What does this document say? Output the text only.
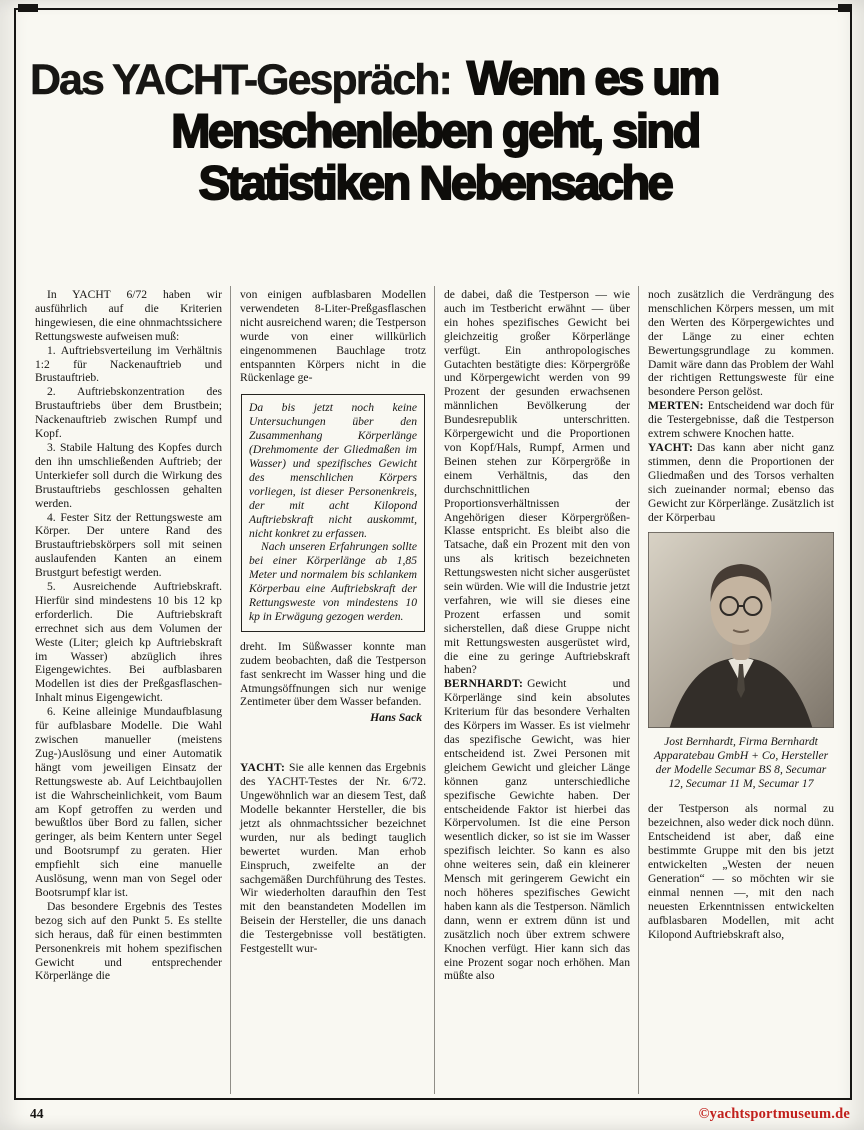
Das YACHT-Gespräch: Wenn es um
Menschenleben geht, sind
Statistiken Nebensache

In YACHT 6/72 haben wir ausführlich auf die Kriterien hingewiesen, die eine ohnmachtssichere Rettungsweste aufweisen muß:

1. Auftriebsverteilung im Verhältnis 1:2 für Nackenauftrieb und Brustauftrieb.

2. Auftriebskonzentration des Brustauftriebs über dem Brustbein; Nackenauftrieb zwischen Rumpf und Kopf.

3. Stabile Haltung des Kopfes durch den ihn umschließenden Auftrieb; der Unterkiefer soll durch die Wirkung des Brustauftriebs geschlossen gehalten werden.

4. Fester Sitz der Rettungsweste am Körper. Der untere Rand des Brustauftriebskörpers soll mit seinen auslaufenden Kanten an einem Brustgurt befestigt werden.

5. Ausreichende Auftriebskraft. Hierfür sind mindestens 10 bis 12 kp erforderlich. Die Auftriebskraft errechnet sich aus dem Volumen der Weste (Liter; gleich kp Auftriebskraft im Wasser) abzüglich ihres Eigengewichtes. Bei aufblasbaren Modellen ist dies der Preßgasflaschen-Inhalt minus Eigengewicht.

6. Keine alleinige Mundaufblasung für aufblasbare Modelle. Die Wahl zwischen manueller (meistens Zug-)Auslösung und einer Automatik hängt vom jeweiligen Einsatz der Rettungsweste ab. Auf Leichtbaujollen ist die Wahrscheinlichkeit, vom Baum am Kopf getroffen zu werden und bewußtlos über Bord zu fallen, sicher geringer, als beim Kentern unter Segel und Bootsrumpf zu geraten. Hier empfiehlt sich eine manuelle Auslösung, wenn man von Segel oder Bootsrumpf klar ist.

Das besondere Ergebnis des Testes bezog sich auf den Punkt 5. Es stellte sich heraus, daß für einen bestimmten Personenkreis mit hohem spezifischen Gewicht und entsprechender Körperlänge die

von einigen aufblasbaren Modellen verwendeten 8-Liter-Preßgasflaschen nicht ausreichend waren; die Testperson wurde von einer willkürlich eingenommenen Bauchlage trotz entspannten Körpers nicht in die Rückenlage ge-

Da bis jetzt noch keine Untersuchungen über den Zusammenhang Körperlänge (Drehmomente der Gliedmaßen im Wasser) und spezifisches Gewicht des menschlichen Körpers vorliegen, ist dieser Personenkreis, der mit acht Kilopond Auftriebskraft nicht auskommt, nicht konkret zu erfassen.

Nach unseren Erfahrungen sollte bei einer Körperlänge ab 1,85 Meter und normalem bis schlankem Körperbau eine Auftriebskraft der Rettungsweste von mindestens 10 kp in Erwägung gezogen werden.

dreht. Im Süßwasser konnte man zudem beobachten, daß die Testperson fast senkrecht im Wasser hing und die Atmungsöffnungen sich nur wenige Zentimeter über dem Wasser befanden.

Hans Sack

YACHT: Sie alle kennen das Ergebnis des YACHT-Testes der Nr. 6/72. Ungewöhnlich war an diesem Test, daß Modelle bekannter Hersteller, die bis jetzt als ohnmachtssicher bezeichnet wurden, nur als bedingt tauglich bewertet wurden. Man erhob Einspruch, zweifelte an der sachgemäßen Durchführung des Testes. Wir wiederholten daraufhin den Test mit den beanstandeten Modellen im Beisein der Hersteller, die uns danach die Testergebnisse voll bestätigten. Festgestellt wur-

de dabei, daß die Testperson — wie auch im Testbericht erwähnt — über ein hohes spezifisches Gewicht bei gleichzeitig großer Körperlänge verfügt. Ein anthropologisches Gutachten bestätigte dies: Körpergröße und Körpergewicht werden von 99 Prozent der gesunden erwachsenen männlichen Bevölkerung der Bundesrepublik unterschritten. Körpergewicht und die Proportionen von Kopf/Hals, Rumpf, Armen und Beinen stehen zur Körpergröße in einem Verhältnis, das den durchschnittlichen Proportionsverhältnissen der Angehörigen dieser Körpergrößen-Klasse entspricht. Es bleibt also die Tatsache, daß ein Prozent mit den von uns als kritisch bezeichneten Rettungswesten nicht sicher ausgerüstet sein würden. Wie will die Industrie jetzt verfahren, wie will sie dieses eine Prozent erfassen und somit sicherstellen, daß diese Gruppe nicht mit Rettungswesten ausgerüstet wird, die eine zu geringe Auftriebskraft haben?

BERNHARDT: Gewicht und Körperlänge sind kein absolutes Kriterium für das besondere Verhalten des Körpers im Wasser. Es ist vielmehr das spezifische Gewicht, was hier entscheidend ist. Zwei Personen mit gleichem Gewicht und gleicher Länge können ganz unterschiedliche spezifische Gewichte haben. Der entscheidende Faktor ist hierbei das Körpervolumen. Ist die eine Person wesentlich dicker, so ist sie im Wasser spezifisch leichter. So kann es also ohne weiteres sein, daß ein kleinerer Mensch mit geringerem Gewicht ein noch höheres spezifisches Gewicht haben kann als die Testperson. Nämlich dann, wenn er extrem dünn ist und zusätzlich noch über extrem schwere Knochen verfügt. Hier kann sich das eine Prozent sogar noch erhöhen. Man müßte also

noch zusätzlich die Verdrängung des menschlichen Körpers messen, um mit den Werten des Körpergewichtes und der Länge zu einer echten Bewertungsgrundlage zu kommen. Damit wäre dann das Problem der Wahl der richtigen Rettungsweste für eine besondere Person gelöst.

MERTEN: Entscheidend war doch für die Testergebnisse, daß die Testperson extrem schwere Knochen hatte.

YACHT: Das kann aber nicht ganz stimmen, denn die Proportionen der Gliedmaßen und des Torsos verhalten sich zueinander normal; ebenso das Gewicht zur Körperlänge. Zusätzlich ist der Körperbau

Jost Bernhardt, Firma Bernhardt Apparatebau GmbH + Co, Hersteller der Modelle Secumar BS 8, Secumar 12, Secumar 11 M, Secumar 17

der Testperson als normal zu bezeichnen, also weder dick noch dünn. Entscheidend ist aber, daß eine bestimmte Gruppe mit den bis jetzt entwickelten „Westen der neuen Generation“ — so möchten wir sie einmal nennen —, mit den nach neuesten Erkenntnissen entwickelten aufblasbaren Modellen, mit acht Kilopond Auftriebskraft also,

44	©yachtsportmuseum.de
